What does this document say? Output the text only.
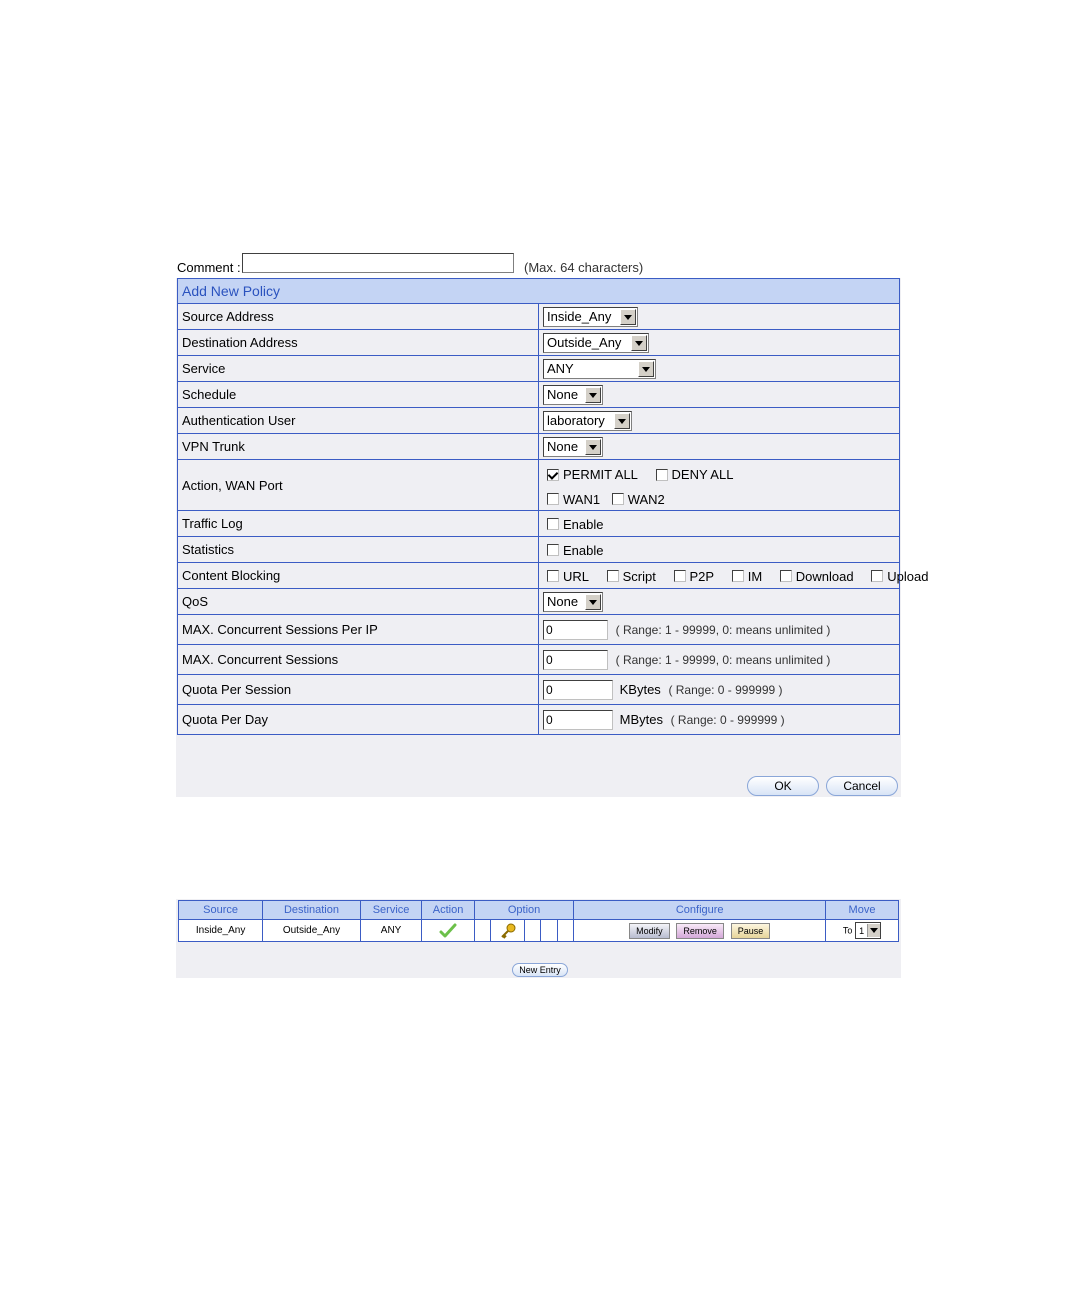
Comment :	(Max. 64 characters)
Add New Policy	
Source Address	Inside_Any

Destination Address	Outside_Any

Service	ANY

Schedule	None

Authentication User	laboratory

VPN Trunk	None

Action, WAN Port	PERMIT ALL DENY ALL
WAN1 WAN2

Traffic Log	Enable
Statistics	Enable
Content Blocking	URL Script P2P IM Download Upload
QoS	None

MAX. Concurrent Sessions Per IP	0 ( Range: 1 - 99999, 0: means unlimited )
MAX. Concurrent Sessions	0 ( Range: 1 - 99999, 0: means unlimited )
Quota Per Session	0 KBytes ( Range: 0 - 999999 )
Quota Per Day	0 MBytes ( Range: 0 - 999999 )
OK	Cancel
Source	Destination	Service	Action	Option					Configure	Move
Inside_Any	Outside_Any	ANY							Modify Remove Pause	To 1
New Entry
